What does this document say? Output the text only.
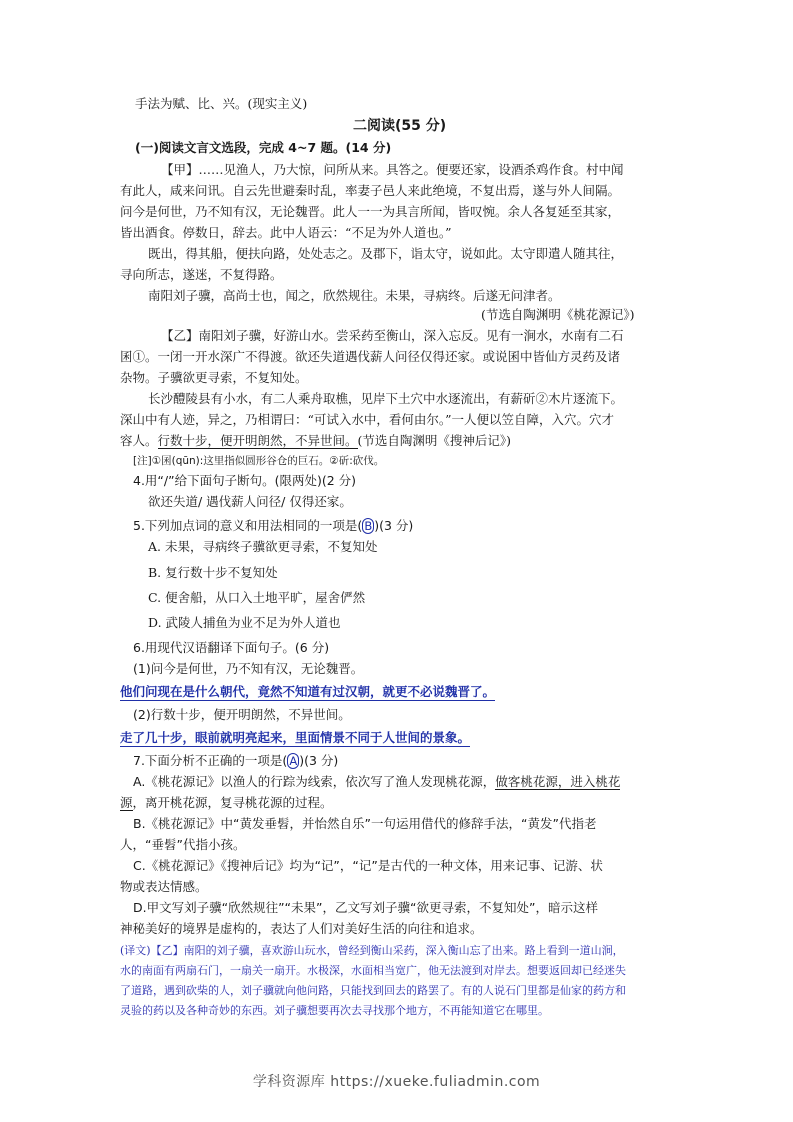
手法为赋、比、兴。(现实主义)
二阅读(55 分)
(一)阅读文言文选段，完成 4~7 题。(14 分)
【甲】……见渔人，乃大惊，问所从来。具答之。便要还家，设酒杀鸡作食。村中闻
有此人，咸来问讯。自云先世避秦时乱，率妻子邑人来此绝境，不复出焉，遂与外人间隔。
问今是何世，乃不知有汉，无论魏晋。此人一一为具言所闻，皆叹惋。余人各复延至其家，
皆出酒食。停数日，辞去。此中人语云：“不足为外人道也。”
既出，得其船，便扶向路，处处志之。及郡下，诣太守，说如此。太守即遣人随其往，
寻向所志，遂迷，不复得路。
南阳刘子骥，高尚士也，闻之，欣然规往。未果，寻病终。后遂无问津者。
(节选自陶渊明《桃花源记》)
【乙】南阳刘子骥，好游山水。尝采药至衡山，深入忘反。见有一涧水，水南有二石
囷①。一闭一开水深广不得渡。欲还失道遇伐薪人问径仅得还家。或说囷中皆仙方灵药及诸
杂物。子骥欲更寻索，不复知处。
长沙醴陵县有小水，有二人乘舟取樵，见岸下土穴中水逐流出，有薪斫②木片逐流下。
深山中有人迹，异之，乃相谓曰：“可试入水中，看何由尔。”一人便以笠自障，入穴。穴才
容人。行数十步，便开明朗然，不异世间。(节选自陶渊明《搜神后记》)
[注]①囷(qūn):这里指似圆形谷仓的巨石。②斫:砍伐。
4.用“/”给下面句子断句。(限两处)(2 分)
欲还失道/ 遇伐薪人问径/ 仅得还家。
5.下列加点词的意义和用法相同的一项是( B )(3 分)
A. 未果，寻病终子骥欲更寻索，不复知处
B. 复行数十步不复知处
C. 便舍船，从口入土地平旷，屋舍俨然
D. 武陵人捕鱼为业不足为外人道也
6.用现代汉语翻译下面句子。(6 分)
(1)问今是何世，乃不知有汉，无论魏晋。
他们问现在是什么朝代，竟然不知道有过汉朝，就更不必说魏晋了。
(2)行数十步，便开明朗然，不异世间。
走了几十步，眼前就明亮起来，里面情景不同于人世间的景象。
7.下面分析不正确的一项是( A )(3 分)
A.《桃花源记》以渔人的行踪为线索，依次写了渔人发现桃花源，做客桃花源，进入桃花
源，离开桃花源，复寻桃花源的过程。
B.《桃花源记》中“黄发垂髫，并怡然自乐”一句运用借代的修辞手法，“黄发”代指老
人，“垂髫”代指小孩。
C.《桃花源记》《搜神后记》均为“记”，“记”是古代的一种文体，用来记事、记游、状
物或表达情感。
D.甲文写刘子骥“欣然规往”“未果”，乙文写刘子骥“欲更寻索，不复知处”，暗示这样
神秘美好的境界是虚构的，表达了人们对美好生活的向往和追求。
(译文)【乙】南阳的刘子骥，喜欢游山玩水，曾经到衡山采药，深入衡山忘了出来。路上看到一道山涧，
水的南面有两扇石门，一扇关一扇开。水极深，水面相当宽广，他无法渡到对岸去。想要返回却已经迷失
了道路，遇到砍柴的人，刘子骥就向他问路，只能找到回去的路罢了。有的人说石门里都是仙家的药方和
灵验的药以及各种奇妙的东西。刘子骥想要再次去寻找那个地方，不再能知道它在哪里。
学科资源库 https://xueke.fuliadmin.com
